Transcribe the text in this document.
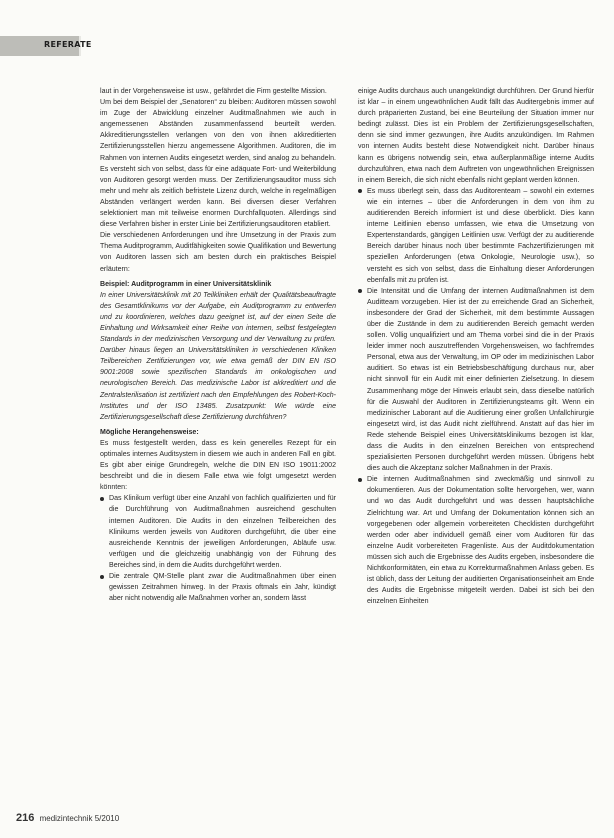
REFERATE

laut in der Vorgehensweise ist usw., gefährdet die Firm gestellte Mission.

Um bei dem Beispiel der „Senatoren“ zu bleiben: Auditoren müssen sowohl im Zuge der Abwicklung einzelner Auditmaßnahmen wie auch in angemessenen Abständen zusammenfassend beurteilt werden. Akkreditierungsstellen verlangen von den von ihnen akkreditierten Zertifizierungsstellen hierzu angemessene Algorithmen. Auditoren, die im Rahmen von internen Audits eingesetzt werden, sind analog zu behandeln. Es versteht sich von selbst, dass für eine adäquate Fort- und Weiterbildung von Auditoren gesorgt werden muss. Der Zertifizierungsauditor muss sich mehr und mehr als zeitlich befristete Lizenz durch, welche in regelmäßigen Abständen verlängert werden kann. Bei diversen dieser Verfahren selektioniert man mit teilweise enormen Durchfallquoten. Allerdings sind diese Verfahren bisher in erster Linie bei Zertifizierungsauditoren etabliert.

Die verschiedenen Anforderungen und ihre Umsetzung in der Praxis zum Thema Auditprogramm, Auditfähigkeiten sowie Qualifikation und Bewertung von Auditoren lassen sich am besten durch ein praktisches Beispiel erläutern:

Beispiel: Auditprogramm in einer Universitätsklinik

In einer Universitätsklinik mit 20 Teilkliniken erhält der Qualitätsbeauftragte des Gesamtklinikums vor der Aufgabe, ein Auditprogramm zu entwerfen und zu koordinieren, welches dazu geeignet ist, auf der einen Seite die Einhaltung und Wirksamkeit einer Reihe von internen, selbst festgelegten Standards in der medizinischen Versorgung und der Verwaltung zu prüfen. Darüber hinaus liegen an Universitätskliniken in verschiedenen Kliniken Teilbereichen Zertifizierungen vor, wie etwa gemäß der DIN EN ISO 9001:2008 sowie spezifischen Standards im onkologischen und neurologischen Bereich. Das medizinische Labor ist akkreditiert und die Zentralsterilisation ist zertifiziert nach den Empfehlungen des Robert-Koch-Institutes und der ISO 13485. Zusatzpunkt: Wie würde eine Zertifizierungsgesellschaft diese Zertifizierung durchführen?

Mögliche Herangehensweise:

Es muss festgestellt werden, dass es kein generelles Rezept für ein optimales internes Auditsystem in diesem wie auch in anderen Fall en gibt. Es gibt aber einige Grundregeln, welche die DIN EN ISO 19011:2002 beschreibt und die in diesem Falle etwa wie folgt umgesetzt werden könnten:

Das Klinikum verfügt über eine Anzahl von fachlich qualifizierten und für die Durchführung von Auditmaßnahmen ausreichend geschulten internen Auditoren. Die Audits in den einzelnen Teilbereichen des Klinikums werden jeweils von Auditoren durchgeführt, die über eine ausreichende Kenntnis der jeweiligen Anforderungen, Abläufe usw. verfügen und die gleichzeitig unabhängig von der Führung des Bereiches sind, in dem die Audits durchgeführt werden.
Die zentrale QM-Stelle plant zwar die Auditmaßnahmen über einen gewissen Zeitrahmen hinweg. In der Praxis oftmals ein Jahr, kündigt aber nicht notwendig alle Maßnahmen vorher an, sondern lässt

einige Audits durchaus auch unangekündigt durchführen. Der Grund hierfür ist klar – in einem ungewöhnlichen Audit fällt das Auditergebnis immer auf durch präparierten Zustand, bei eine Beurteilung der Situation immer nur bedingt zulässt. Dies ist ein Problem der Zertifizierungsgesellschaften, denn sie sind immer gezwungen, ihre Audits anzukündigen. Im Rahmen von internen Audits besteht diese Notwendigkeit nicht. Darüber hinaus kann es übrigens notwendig sein, etwa außerplanmäßige interne Audits durchzuführen, etwa nach dem Auftreten von ungewöhnlichen Ereignissen in einem Bereich, die sich nicht ebenfalls nicht geplant werden können.

Es muss überlegt sein, dass das Auditorenteam – sowohl ein externes wie ein internes – über die Anforderungen in dem von ihm zu auditierenden Bereich informiert ist und diese überblickt. Dies kann interne Leitlinien ebenso umfassen, wie etwa die Umsetzung von Expertenstandards, gängigen Leitlinien usw. Verfügt der zu auditierende Bereich darüber hinaus noch über bestimmte Fachzertifizierungen mit speziellen Anforderungen (etwa Onkologie, Neurologie usw.), so versteht es sich von selbst, dass die Einhaltung dieser Anforderungen ebenfalls mit zu prüfen ist.
Die Intensität und die Umfang der internen Auditmaßnahmen ist dem Auditteam vorzugeben. Hier ist der zu erreichende Grad an Sicherheit, insbesondere der Grad der Sicherheit, mit dem bestimmte Aussagen über die Zustände in dem zu auditierenden Bereich gemacht werden sollen. Völlig unqualifiziert und am Thema vorbei sind die in der Praxis leider immer noch auszutreffenden Vorgehensweisen, wo fachfremdes Personal, etwa aus der Verwaltung, im OP oder im medizinischen Labor auditiert. So etwas ist ein Betriebsbeschäftigung durchaus nur, aber nicht sinnvoll für ein Audit mit einer definierten Zielsetzung. In diesem Zusammenhang möge der Hinweis erlaubt sein, dass dieselbe natürlich für die Auswahl der Auditoren in Zertifizierungsteams gilt. Wenn ein medizinischer Laborant auf die Auditierung einer großen Unfallchirurgie eingesetzt wird, ist das Audit nicht zielführend. Anstatt auf das hier im Rede stehende Beispiel eines Universitätsklinikums bezogen ist klar, dass die Audits in den einzelnen Bereichen von entsprechend spezialisierten Personen durchgeführt werden müssen. Übrigens hebt dies auch die Akzeptanz solcher Maßnahmen in der Praxis.
Die internen Auditmaßnahmen sind zweckmäßig und sinnvoll zu dokumentieren. Aus der Dokumentation sollte hervorgehen, wer, wann und wo das Audit durchgeführt und was dessen hauptsächliche Zielrichtung war. Art und Umfang der Dokumentation können sich an vorgegebenen oder allgemein vorbereiteten Checklisten durchgeführt werden oder aber individuell gemäß einer vom Auditoren für das einzelne Audit vorbereiteten Fragenliste. Aus der Auditdokumentation müssen sich auch die Ergebnisse des Audits ergeben, insbesondere die Nichtkonformitäten, ein etwa zu Korrekturmaßnahmen Anlass geben. Es ist üblich, dass der Leitung der auditierten Organisationseinheit am Ende des Audits die Ergebnisse mitgeteilt werden. Dabei ist sich bei den einzelnen Einheiten
216 medizintechnik 5/2010
